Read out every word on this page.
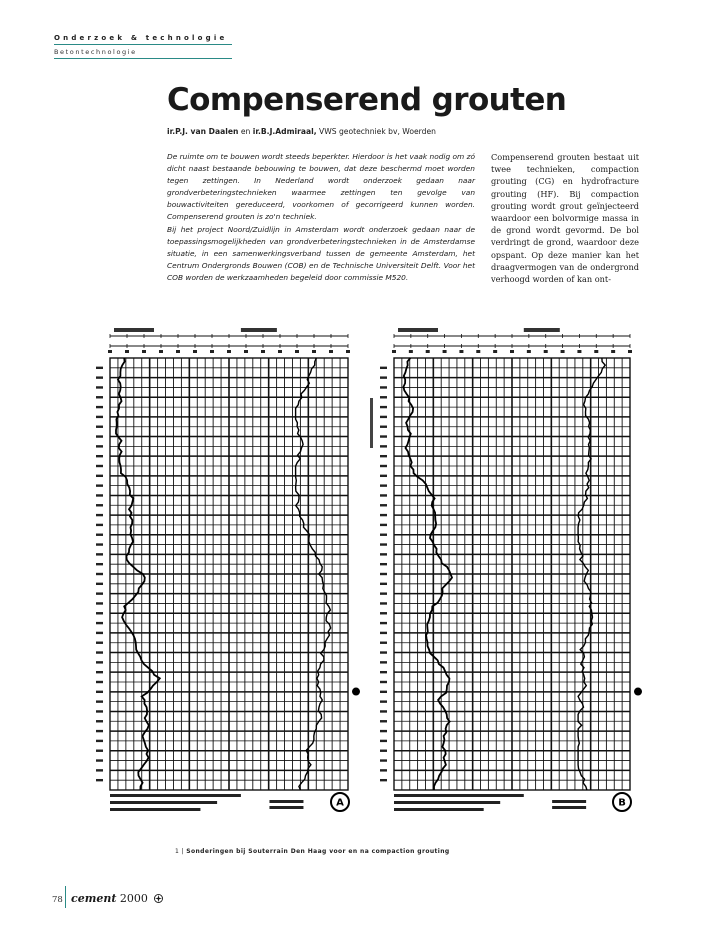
Onderzoek & technologie
Betontechnologie
Compenserend grouten
ir.P.J. van Daalen en ir.B.J.Admiraal, VWS geotechniek bv, Woerden

De ruimte om te bouwen wordt steeds beperkter. Hierdoor is het vaak nodig om zó dicht naast bestaande bebouwing te bouwen, dat deze beschermd moet worden tegen zettingen. In Nederland wordt onderzoek gedaan naar grondverbeteringstechnieken waarmee zettingen ten gevolge van bouwactiviteiten gereduceerd, voorkomen of gecorrigeerd kunnen worden. Compenserend grouten is zo'n techniek.

Bij het project Noord/Zuidlijn in Amsterdam wordt onderzoek gedaan naar de toepassingsmogelijkheden van grondverbeteringstechnieken in de Amsterdamse situatie, in een samenwerkingsverband tussen de gemeente Amsterdam, het Centrum Ondergronds Bouwen (COB) en de Technische Universiteit Delft. Voor het COB worden de werkzaamheden begeleid door commissie M520.

Compenserend grouten bestaat uit twee technieken, compaction grouting (CG) en hydrofracture grouting (HF). Bij compaction grouting wordt grout geïnjecteerd waardoor een bolvormige massa in de grond wordt gevormd. De bol verdringt de grond, waardoor deze opspant. Op deze manier kan het draagvermogen van de ondergrond verhoogd worden of kan ont-
A	B
1 | Sonderingen bij Souterrain Den Haag voor en na compaction grouting
78 cement 2000
